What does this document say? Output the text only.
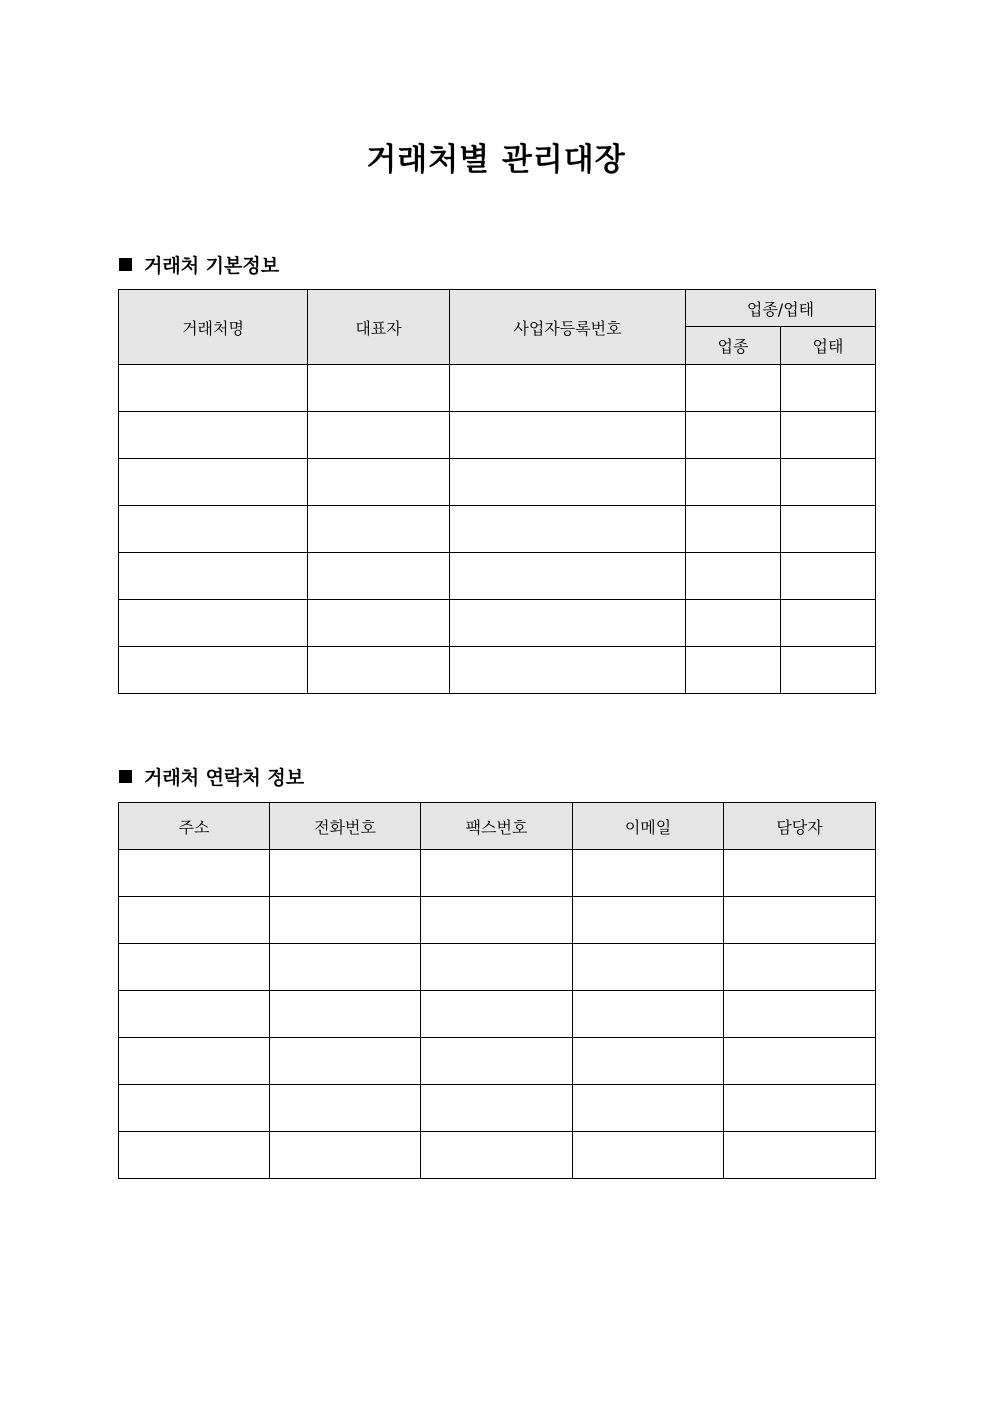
거래처별 관리대장
거래처 기본정보
거래처명	대표자	사업자등록번호	업종/업태	
			업종	업태

거래처 연락처 정보
주소	전화번호	팩스번호	이메일	담당자
